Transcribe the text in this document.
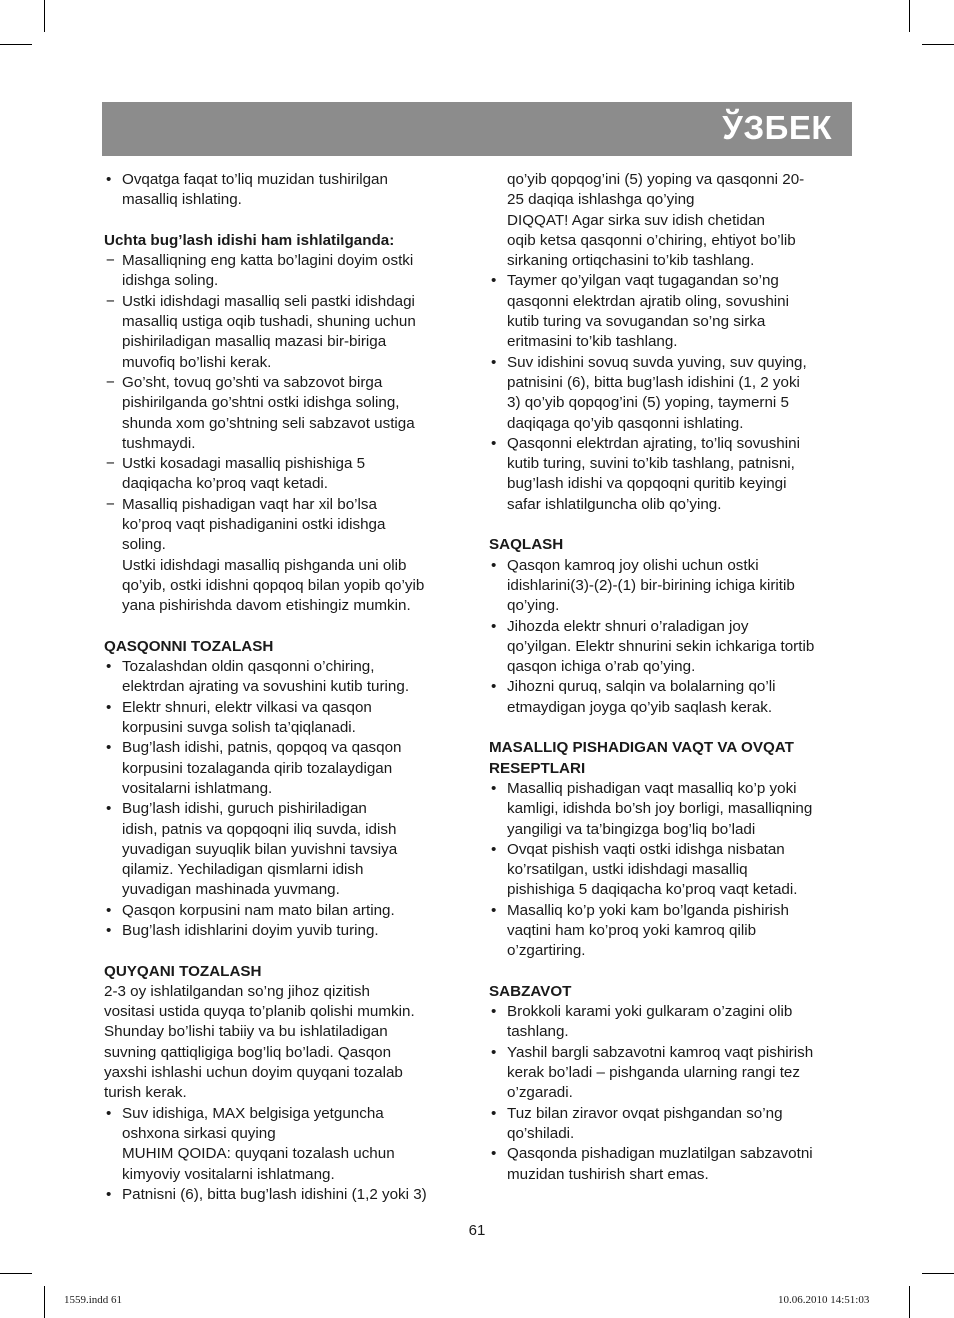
ЎЗБЕК
• Ovqatga faqat to’liq muzidan tushirilgan
masalliq ishlating.

Uchta bug’lash idishi ham ishlatilganda:

− Masalliqning eng katta bo’lagini doyim ostki
idishga soling.
− Ustki idishdagi masalliq seli pastki idishdagi
masalliq ustiga oqib tushadi, shuning uchun
pishiriladigan masalliq mazasi bir-biriga
muvofiq bo’lishi kerak.
− Go’sht, tovuq go’shti va sabzovot birga
pishirilganda go’shtni ostki idishga soling,
shunda xom go’shtning seli sabzavot ustiga
tushmaydi.
− Ustki kosadagi masalliq pishishiga 5
daqiqacha ko’proq vaqt ketadi.
− Masalliq pishadigan vaqt har xil bo’lsa
ko’proq vaqt pishadiganini ostki idishga
soling.
Ustki idishdagi masalliq pishganda uni olib
qo’yib, ostki idishni qopqoq bilan yopib qo’yib
yana pishirishda davom etishingiz mumkin.

QASQONNI TOZALASH

• Tozalashdan oldin qasqonni o’chiring,
elektrdan ajrating va sovushini kutib turing.
• Elektr shnuri, elektr vilkasi va qasqon
korpusini suvga solish ta’qiqlanadi.
• Bug’lash idishi, patnis, qopqoq va qasqon
korpusini tozalaganda qirib tozalaydigan
vositalarni ishlatmang.
• Bug’lash idishi, guruch pishiriladigan
idish, patnis va qopqoqni iliq suvda, idish
yuvadigan suyuqlik bilan yuvishni tavsiya
qilamiz. Yechiladigan qismlarni idish
yuvadigan mashinada yuvmang.
• Qasqon korpusini nam mato bilan arting.
• Bug’lash idishlarini doyim yuvib turing.

QUYQANI TOZALASH

2-3 oy ishlatilgandan so’ng jihoz qizitish

vositasi ustida quyqa to’planib qolishi mumkin.

Shunday bo’lishi tabiiy va bu ishlatiladigan

suvning qattiqligiga bog’liq bo’ladi. Qasqon

yaxshi ishlashi uchun doyim quyqani tozalab

turish kerak.

• Suv idishiga, MAX belgisiga yetguncha
oshxona sirkasi quying
MUHIM QOIDA: quyqani tozalash uchun
kimyoviy vositalarni ishlatmang.
• Patnisni (6), bitta bug’lash idishini (1,2 yoki 3)

qo’yib qopqog’ini (5) yoping va qasqonni 20-

25 daqiqa ishlashga qo’ying

DIQQAT! Agar sirka suv idish chetidan

oqib ketsa qasqonni o’chiring, ehtiyot bo’lib

sirkaning ortiqchasini to’kib tashlang.

• Taymer qo’yilgan vaqt tugagandan so’ng
qasqonni elektrdan ajratib oling, sovushini
kutib turing va sovugandan so’ng sirka
eritmasini to’kib tashlang.
• Suv idishini sovuq suvda yuving, suv quying,
patnisini (6), bitta bug’lash idishini (1, 2 yoki
3) qo’yib qopqog’ini (5) yoping, taymerni 5
daqiqaga qo’yib qasqonni ishlating.
• Qasqonni elektrdan ajrating, to’liq sovushini
kutib turing, suvini to’kib tashlang, patnisni,
bug’lash idishi va qopqoqni quritib keyingi
safar ishlatilguncha olib qo’ying.

SAQLASH

• Qasqon kamroq joy olishi uchun ostki
idishlarini(3)-(2)-(1) bir-birining ichiga kiritib
qo’ying.
• Jihozda elektr shnuri o’raladigan joy
qo’yilgan. Elektr shnurini sekin ichkariga tortib
qasqon ichiga o’rab qo’ying.
• Jihozni quruq, salqin va bolalarning qo’li
etmaydigan joyga qo’yib saqlash kerak.

MASALLIQ PISHADIGAN VAQT VA OVQAT
RESEPTLARI

• Masalliq pishadigan vaqt masalliq ko’p yoki
kamligi, idishda bo’sh joy borligi, masalliqning
yangiligi va ta’bingizga bog’liq bo’ladi
• Ovqat pishish vaqti ostki idishga nisbatan
ko’rsatilgan, ustki idishdagi masalliq
pishishiga 5 daqiqacha ko’proq vaqt ketadi.
• Masalliq ko’p yoki kam bo’lganda pishirish
vaqtini ham ko’proq yoki kamroq qilib
o’zgartiring.

SABZAVOT

• Brokkoli karami yoki gulkaram o’zagini olib
tashlang.
• Yashil bargli sabzavotni kamroq vaqt pishirish
kerak bo’ladi – pishganda ularning rangi tez
o’zgaradi.
• Tuz bilan ziravor ovqat pishgandan so’ng
qo’shiladi.
• Qasqonda pishadigan muzlatilgan sabzavotni
muzidan tushirish shart emas.
61
1559.indd 61	10.06.2010 14:51:03
